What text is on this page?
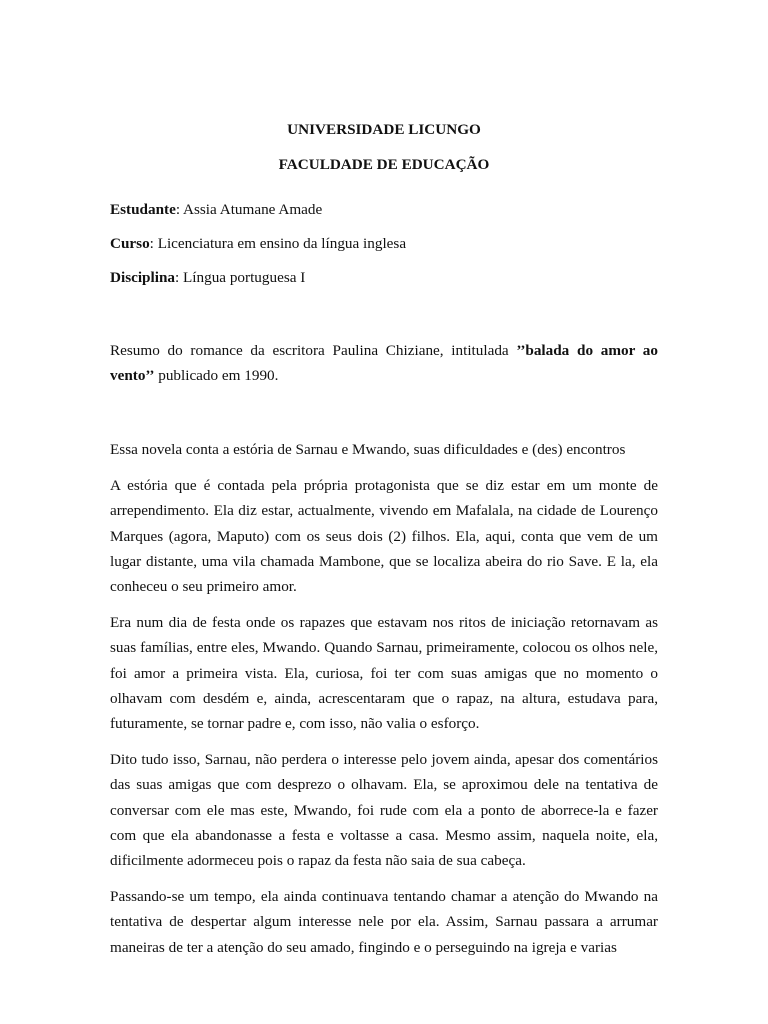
UNIVERSIDADE LICUNGO

FACULDADE DE EDUCAÇÃO

Estudante: Assia Atumane Amade

Curso: Licenciatura em ensino da língua inglesa

Disciplina: Língua portuguesa I

Resumo do romance da escritora Paulina Chiziane, intitulada ’’balada do amor ao vento’’ publicado em 1990.

Essa novela conta a estória de Sarnau e Mwando, suas dificuldades e (des) encontros

A estória que é contada pela própria protagonista que se diz estar em um monte de arrependimento. Ela diz estar, actualmente, vivendo em Mafalala, na cidade de Lourenço Marques (agora, Maputo) com os seus dois (2) filhos. Ela, aqui, conta que vem de um lugar distante, uma vila chamada Mambone, que se localiza abeira do rio Save. E la, ela conheceu o seu primeiro amor.

Era num dia de festa onde os rapazes que estavam nos ritos de iniciação retornavam as suas famílias, entre eles, Mwando. Quando Sarnau, primeiramente, colocou os olhos nele, foi amor a primeira vista. Ela, curiosa, foi ter com suas amigas que no momento o olhavam com desdém e, ainda, acrescentaram que o rapaz, na altura, estudava para, futuramente, se tornar padre e, com isso, não valia o esforço.

Dito tudo isso, Sarnau, não perdera o interesse pelo jovem ainda, apesar dos comentários das suas amigas que com desprezo o olhavam. Ela, se aproximou dele na tentativa de conversar com ele mas este, Mwando, foi rude com ela a ponto de aborrece-la e fazer com que ela abandonasse a festa e voltasse a casa. Mesmo assim, naquela noite, ela, dificilmente adormeceu pois o rapaz da festa não saia de sua cabeça.

Passando-se um tempo, ela ainda continuava tentando chamar a atenção do Mwando na tentativa de despertar algum interesse nele por ela. Assim, Sarnau passara a arrumar maneiras de ter a atenção do seu amado, fingindo e o perseguindo na igreja e varias
